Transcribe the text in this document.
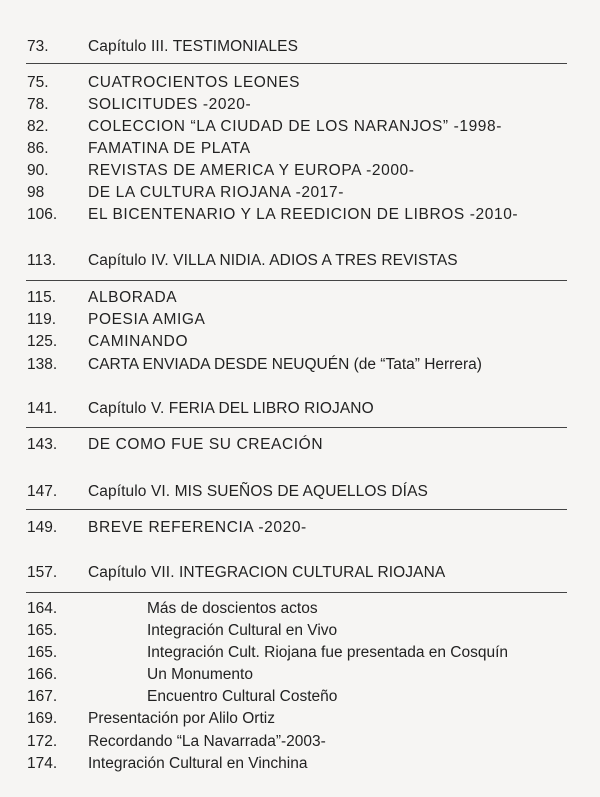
73.	Capítulo III. TESTIMONIALES
75.	CUATROCIENTOS LEONES
78.	SOLICITUDES -2020-
82.	COLECCION “LA CIUDAD DE LOS NARANJOS” -1998-
86.	FAMATINA DE PLATA
90.	REVISTAS DE AMERICA Y EUROPA -2000-
98	DE LA CULTURA RIOJANA -2017-
106. EL BICENTENARIO Y LA REEDICION DE LIBROS -2010-
113. Capítulo IV. VILLA NIDIA. ADIOS A TRES REVISTAS
115. ALBORADA
119. POESIA AMIGA
125. CAMINANDO
138. CARTA ENVIADA DESDE NEUQUÉN (de “Tata” Herrera)
141. Capítulo V. FERIA DEL LIBRO RIOJANO
143. DE COMO FUE SU CREACIÓN
147. Capítulo VI. MIS SUEÑOS DE AQUELLOS DÍAS
149. BREVE REFERENCIA -2020-
157. Capítulo VII. INTEGRACION CULTURAL RIOJANA
164.	Más de doscientos actos
165.	Integración Cultural en Vivo
165.	Integración Cult. Riojana fue presentada en Cosquín
166.	Un Monumento
167.	Encuentro Cultural Costeño
169. Presentación por Alilo Ortiz
172. Recordando “La Navarrada”-2003-
174. Integración Cultural en Vinchina
